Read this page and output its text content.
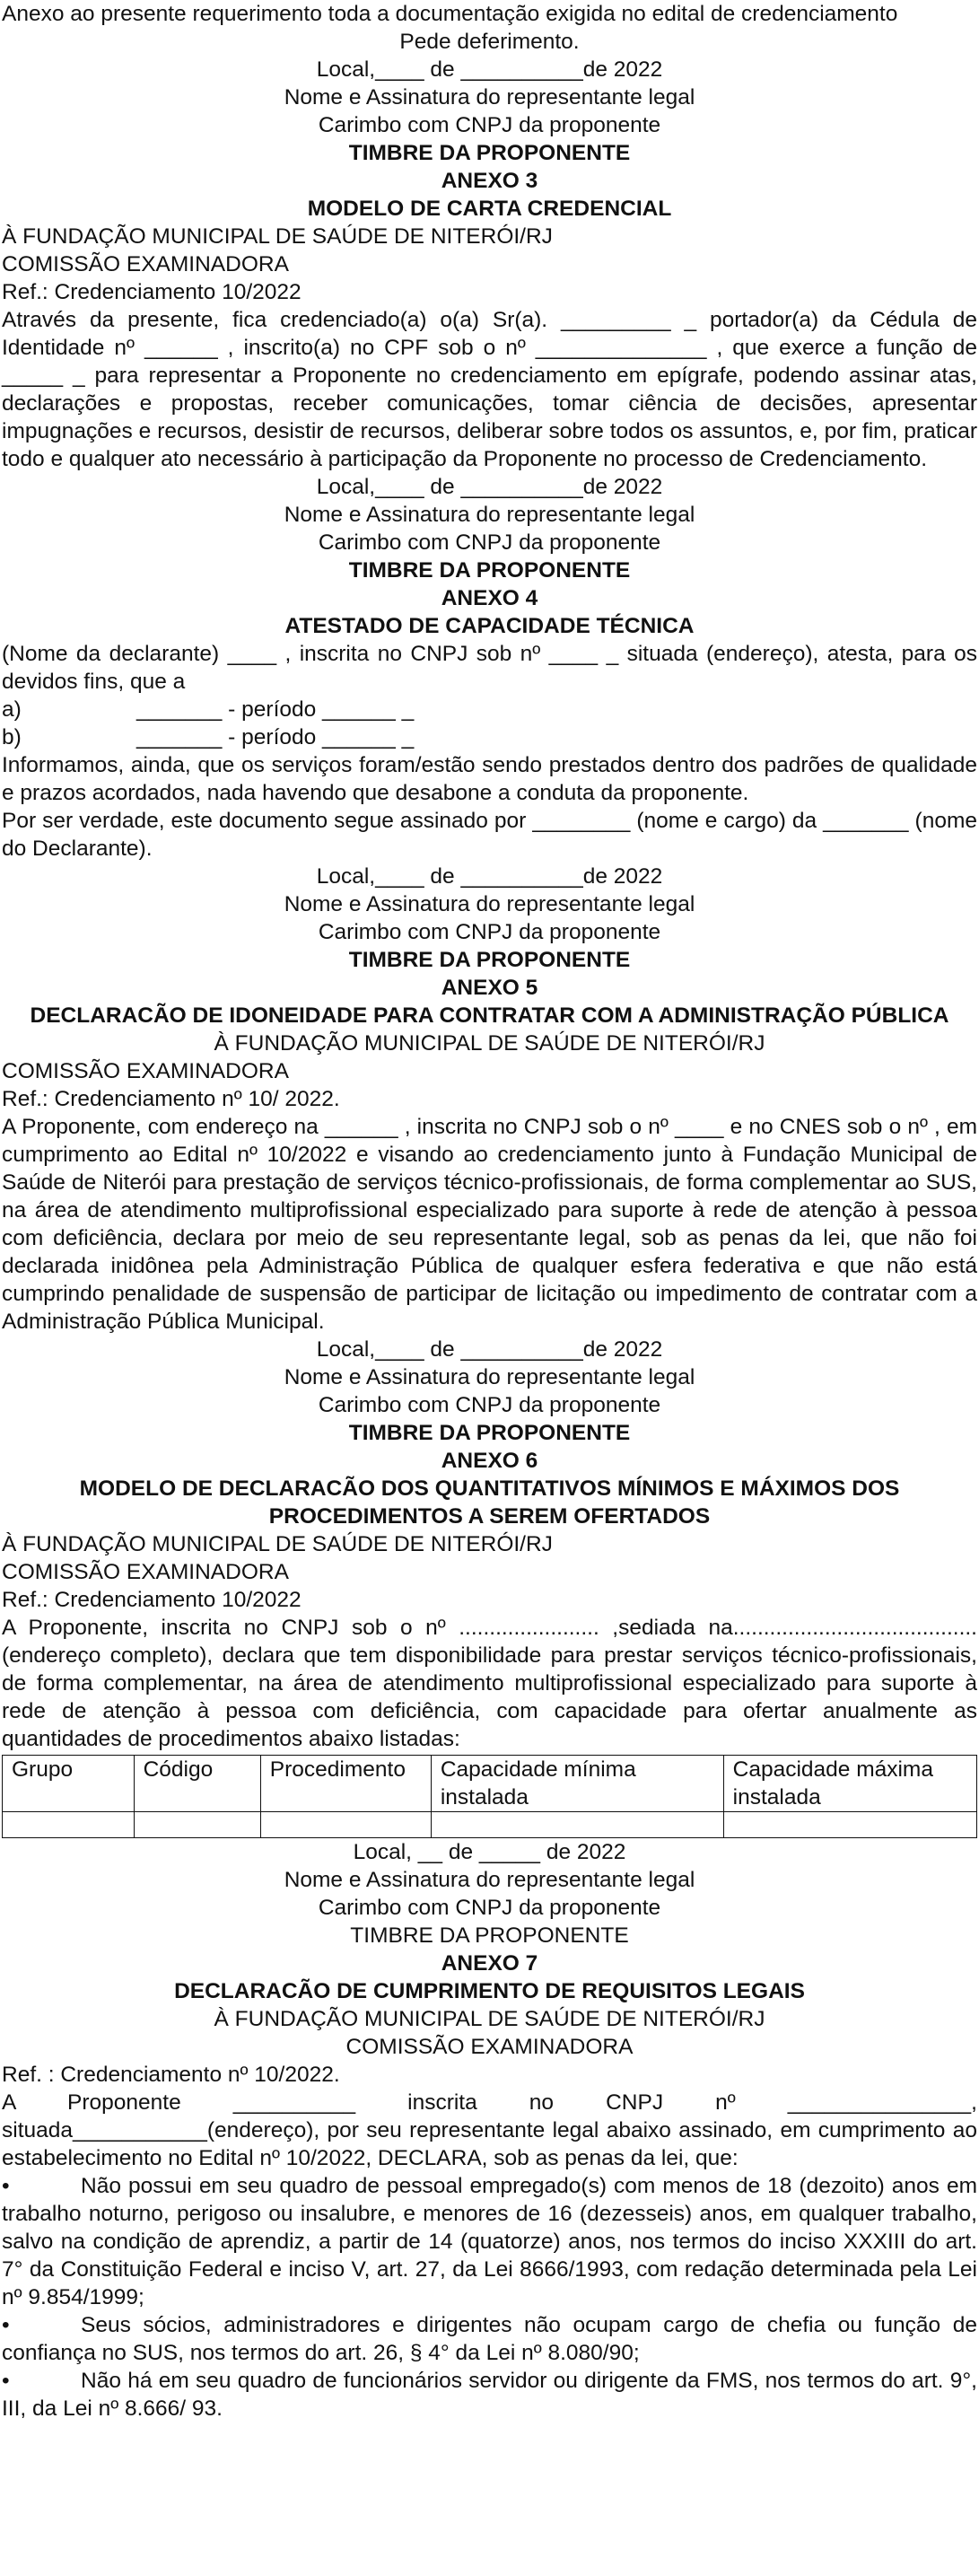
Anexo ao presente requerimento toda a documentação exigida no edital de credenciamento

Pede deferimento.

Local,____ de __________de 2022

Nome e Assinatura do representante legal

Carimbo com CNPJ da proponente

TIMBRE DA PROPONENTE

ANEXO 3

MODELO DE CARTA CREDENCIAL

À FUNDAÇÃO MUNICIPAL DE SAÚDE DE NITERÓI/RJ

COMISSÃO EXAMINADORA

Ref.: Credenciamento 10/2022

Através da presente, fica credenciado(a) o(a) Sr(a). _________ _ portador(a) da Cédula de Identidade nº ______ , inscrito(a) no CPF sob o nº ______________ , que exerce a função de _____ _ para representar a Proponente no credenciamento em epígrafe, podendo assinar atas, declarações e propostas, receber comunicações, tomar ciência de decisões, apresentar impugnações e recursos, desistir de recursos, deliberar sobre todos os assuntos, e, por fim, praticar todo e qualquer ato necessário à participação da Proponente no processo de Credenciamento.

Local,____ de __________de 2022

Nome e Assinatura do representante legal

Carimbo com CNPJ da proponente

TIMBRE DA PROPONENTE

ANEXO 4

ATESTADO DE CAPACIDADE TÉCNICA

(Nome da declarante) ____ , inscrita no CNPJ sob nº ____ _ situada (endereço), atesta, para os devidos fins, que a

a)	_______ - período ______ _
b)	_______ - período ______ _

Informamos, ainda, que os serviços foram/estão sendo prestados dentro dos padrões de qualidade e prazos acordados, nada havendo que desabone a conduta da proponente.

Por ser verdade, este documento segue assinado por ________ (nome e cargo) da _______ (nome do Declarante).

Local,____ de __________de 2022

Nome e Assinatura do representante legal

Carimbo com CNPJ da proponente

TIMBRE DA PROPONENTE

ANEXO 5

DECLARACÃO DE IDONEIDADE PARA CONTRATAR COM A ADMINISTRAÇÃO PÚBLICA

À FUNDAÇÃO MUNICIPAL DE SAÚDE DE NITERÓI/RJ

COMISSÃO EXAMINADORA

Ref.: Credenciamento nº 10/ 2022.

A Proponente, com endereço na ______ , inscrita no CNPJ sob o nº ____ e no CNES sob o nº , em cumprimento ao Edital nº 10/2022 e visando ao credenciamento junto à Fundação Municipal de Saúde de Niterói para prestação de serviços técnico-profissionais, de forma complementar ao SUS, na área de atendimento multiprofissional especializado para suporte à rede de atenção à pessoa com deficiência, declara por meio de seu representante legal, sob as penas da lei, que não foi declarada inidônea pela Administração Pública de qualquer esfera federativa e que não está cumprindo penalidade de suspensão de participar de licitação ou impedimento de contratar com a Administração Pública Municipal.

Local,____ de __________de 2022

Nome e Assinatura do representante legal

Carimbo com CNPJ da proponente

TIMBRE DA PROPONENTE

ANEXO 6

MODELO DE DECLARACÃO DOS QUANTITATIVOS MÍNIMOS E MÁXIMOS DOS PROCEDIMENTOS A SEREM OFERTADOS

À FUNDAÇÃO MUNICIPAL DE SAÚDE DE NITERÓI/RJ

COMISSÃO EXAMINADORA

Ref.: Credenciamento 10/2022

A Proponente, inscrita no CNPJ sob o nº ....................... ,sediada na........................................ (endereço completo), declara que tem disponibilidade para prestar serviços técnico-profissionais, de forma complementar, na área de atendimento multiprofissional especializado para suporte à rede de atenção à pessoa com deficiência, com capacidade para ofertar anualmente as quantidades de procedimentos abaixo listadas:

Grupo	Código	Procedimento	Capacidade mínima instalada	Capacidade máxima instalada

Local, __ de _____ de 2022

Nome e Assinatura do representante legal

Carimbo com CNPJ da proponente

TIMBRE DA PROPONENTE

ANEXO 7

DECLARACÃO DE CUMPRIMENTO DE REQUISITOS LEGAIS

À FUNDAÇÃO MUNICIPAL DE SAÚDE DE NITERÓI/RJ

COMISSÃO EXAMINADORA

Ref. : Credenciamento nº 10/2022.

A Proponente __________ inscrita no CNPJ nº _______________, situada___________(endereço), por seu representante legal abaixo assinado, em cumprimento ao estabelecimento no Edital nº 10/2022, DECLARA, sob as penas da lei, que:

•	Não possui em seu quadro de pessoal empregado(s) com menos de 18 (dezoito) anos em trabalho noturno, perigoso ou insalubre, e menores de 16 (dezesseis) anos, em qualquer trabalho, salvo na condição de aprendiz, a partir de 14 (quatorze) anos, nos termos do inciso XXXIII do art. 7° da Constituição Federal e inciso V, art. 27, da Lei 8666/1993, com redação determinada pela Lei nº 9.854/1999;
•	Seus sócios, administradores e dirigentes não ocupam cargo de chefia ou função de confiança no SUS, nos termos do art. 26, § 4° da Lei nº 8.080/90;
•	Não há em seu quadro de funcionários servidor ou dirigente da FMS, nos termos do art. 9°, III, da Lei nº 8.666/ 93.
